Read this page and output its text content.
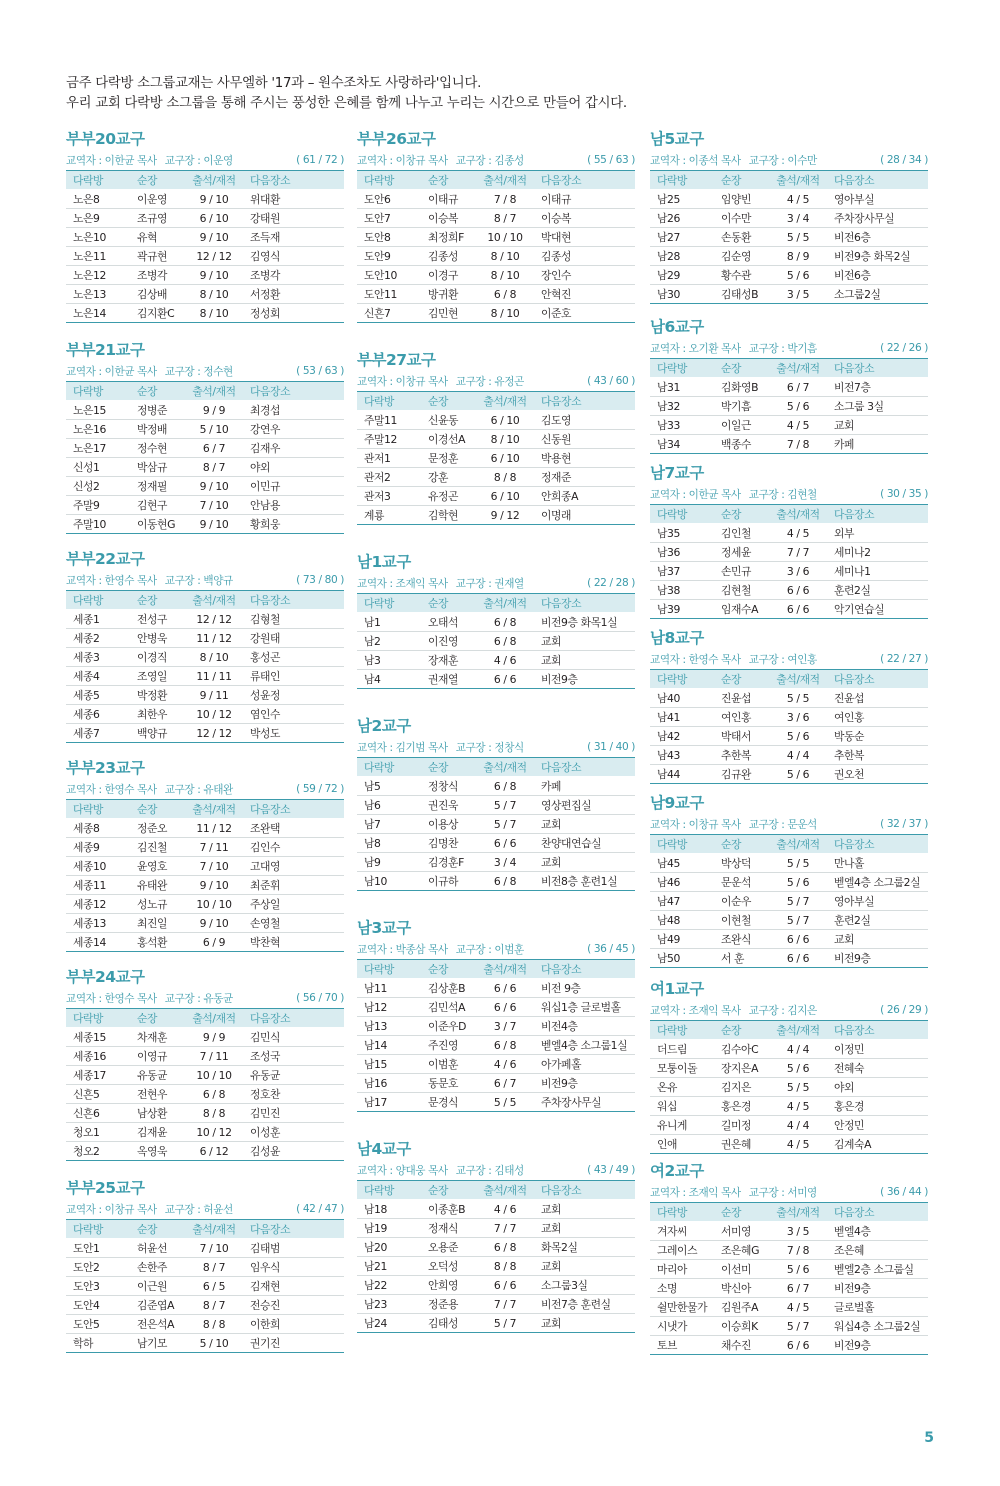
금주 다락방 소그룹교재는 사무엘하 '17과 – 원수조차도 사랑하라'입니다.
우리 교회 다락방 소그룹을 통해 주시는 풍성한 은혜를 함께 나누고 누리는 시간으로 만들어 갑시다.
부부20교구
교역자 : 이한균 목사 교구장 : 이운영	( 61 / 72 )
다락방	순장	출석/재적	다음장소
노은8	이운영	9 / 10	위대환
노은9	조규영	6 / 10	강태원
노은10	유혁	9 / 10	조득재
노은11	곽규현	12 / 12	김영식
노은12	조병각	9 / 10	조병각
노은13	김상배	8 / 10	서정환
노은14	김지환C	8 / 10	정성회
부부21교구
교역자 : 이한균 목사 교구장 : 정수현	( 53 / 63 )
다락방	순장	출석/재적	다음장소
노은15	정병준	9 / 9	최경섭
노은16	박정배	5 / 10	강연우
노은17	정수현	6 / 7	김재우
신성1	박삼규	8 / 7	야외
신성2	정재필	9 / 10	이민규
주말9	김현구	7 / 10	안남용
주말10	이동현G	9 / 10	황희웅
부부22교구
교역자 : 한영수 목사 교구장 : 백양규	( 73 / 80 )
다락방	순장	출석/재적	다음장소
세종1	전성구	12 / 12	김형철
세종2	안병욱	11 / 12	강원태
세종3	이경직	8 / 10	홍성곤
세종4	조영일	11 / 11	류태인
세종5	박정환	9 / 11	성윤정
세종6	최한우	10 / 12	염인수
세종7	백양규	12 / 12	박성도
부부23교구
교역자 : 한영수 목사 교구장 : 유태완	( 59 / 72 )
다락방	순장	출석/재적	다음장소
세종8	정준오	11 / 12	조완택
세종9	김진철	7 / 11	김인수
세종10	윤영호	7 / 10	고대영
세종11	유태완	9 / 10	최준휘
세종12	성노규	10 / 10	주상일
세종13	최진일	9 / 10	손영철
세종14	홍석환	6 / 9	박찬혁
부부24교구
교역자 : 한영수 목사 교구장 : 유동균	( 56 / 70 )
다락방	순장	출석/재적	다음장소
세종15	차재훈	9 / 9	김민식
세종16	이영규	7 / 11	조성국
세종17	유동균	10 / 10	유동균
신흔5	전현우	6 / 8	정호찬
신흔6	남상환	8 / 8	김민진
청오1	김재윤	10 / 12	이성훈
청오2	옥영욱	6 / 12	김성윤
부부25교구
교역자 : 이창규 목사 교구장 : 허윤선	( 42 / 47 )
다락방	순장	출석/재적	다음장소
도안1	허윤선	7 / 10	김태범
도안2	손한주	8 / 7	임우식
도안3	이근원	6 / 5	김재현
도안4	김준엽A	8 / 7	전승진
도안5	전은석A	8 / 8	이한희
학하	남기모	5 / 10	권기진
부부26교구
교역자 : 이창규 목사 교구장 : 김종성	( 55 / 63 )
다락방	순장	출석/재적	다음장소
도안6	이태규	7 / 8	이태규
도안7	이승복	8 / 7	이승복
도안8	최정희F	10 / 10	박대현
도안9	김종성	8 / 10	김종성
도안10	이경구	8 / 10	장인수
도안11	방귀환	6 / 8	안혁진
신흔7	김민현	8 / 10	이준호
부부27교구
교역자 : 이창규 목사 교구장 : 유정곤	( 43 / 60 )
다락방	순장	출석/재적	다음장소
주말11	신윤동	6 / 10	김도영
주말12	이경선A	8 / 10	신동원
관저1	문정훈	6 / 10	박용현
관저2	강훈	8 / 8	정재준
관저3	유정곤	6 / 10	안희종A
계룡	김학현	9 / 12	이명래
남1교구
교역자 : 조재익 목사 교구장 : 권재열	( 22 / 28 )
다락방	순장	출석/재적	다음장소
남1	오태석	6 / 8	비전9층 화목1실
남2	이진영	6 / 8	교회
남3	장재훈	4 / 6	교회
남4	권재열	6 / 6	비전9층
남2교구
교역자 : 김기범 목사 교구장 : 정창식	( 31 / 40 )
다락방	순장	출석/재적	다음장소
남5	정창식	6 / 8	카페
남6	권진욱	5 / 7	영상편집실
남7	이용상	5 / 7	교회
남8	김명찬	6 / 6	찬양대연습실
남9	김경훈F	3 / 4	교회
남10	이규하	6 / 8	비전8층 훈련1실
남3교구
교역자 : 박종삼 목사 교구장 : 이범훈	( 36 / 45 )
다락방	순장	출석/재적	다음장소
남11	김상훈B	6 / 6	비전 9층
남12	김민석A	6 / 6	워십1층 글로벌홀
남13	이준우D	3 / 7	비전4층
남14	주진영	6 / 8	벧엘4층 소그룹1실
남15	이범훈	4 / 6	아가페홀
남16	동문호	6 / 7	비전9층
남17	문경식	5 / 5	주차장사무실
남4교구
교역자 : 양대웅 목사 교구장 : 김태성	( 43 / 49 )
다락방	순장	출석/재적	다음장소
남18	이종훈B	4 / 6	교회
남19	정재식	7 / 7	교회
남20	오용준	6 / 8	화목2실
남21	오덕성	8 / 8	교회
남22	안희영	6 / 6	소그룹3실
남23	정준용	7 / 7	비전7층 훈련실
남24	김태성	5 / 7	교회
남5교구
교역자 : 이종석 목사 교구장 : 이수만	( 28 / 34 )
다락방	순장	출석/재적	다음장소
남25	임양빈	4 / 5	영아부실
남26	이수만	3 / 4	주차장사무실
남27	손동환	5 / 5	비전6층
남28	김순영	8 / 9	비전9층 화목2실
남29	황수관	5 / 6	비전6층
남30	김태성B	3 / 5	소그룹2실
남6교구
교역자 : 오기환 목사 교구장 : 박기흠	( 22 / 26 )
다락방	순장	출석/재적	다음장소
남31	김화영B	6 / 7	비전7층
남32	박기흠	5 / 6	소그룹 3실
남33	이일근	4 / 5	교회
남34	백종수	7 / 8	카페
남7교구
교역자 : 이한균 목사 교구장 : 김현철	( 30 / 35 )
다락방	순장	출석/재적	다음장소
남35	김인철	4 / 5	외부
남36	정세윤	7 / 7	세미나2
남37	손민규	3 / 6	세미나1
남38	김현철	6 / 6	훈련2실
남39	임재수A	6 / 6	악기연습실
남8교구
교역자 : 한영수 목사 교구장 : 여인홍	( 22 / 27 )
다락방	순장	출석/재적	다음장소
남40	진윤섭	5 / 5	진윤섭
남41	여인홍	3 / 6	여인홍
남42	박태서	5 / 6	박동순
남43	추한복	4 / 4	추한복
남44	김규완	5 / 6	권오천
남9교구
교역자 : 이창규 목사 교구장 : 문운석	( 32 / 37 )
다락방	순장	출석/재적	다음장소
남45	박상덕	5 / 5	만나홀
남46	문운석	5 / 6	벧엘4층 소그룹2실
남47	이순우	5 / 7	영아부실
남48	이현철	5 / 7	훈련2실
남49	조완식	6 / 6	교회
남50	서 훈	6 / 6	비전9층
여1교구
교역자 : 조재익 목사 교구장 : 김지은	( 26 / 29 )
다락방	순장	출석/재적	다음장소
더드림	김수아C	4 / 4	이정민
모퉁이돌	장지은A	5 / 6	전혜숙
온유	김지은	5 / 5	야외
워십	홍은경	4 / 5	홍은경
유니게	길미정	4 / 4	안정민
인애	권은혜	4 / 5	김계숙A
여2교구
교역자 : 조재익 목사 교구장 : 서미영	( 36 / 44 )
다락방	순장	출석/재적	다음장소
겨자씨	서미영	3 / 5	벧엘4층
그레이스	조은혜G	7 / 8	조은혜
마리아	이선미	5 / 6	벧엘2층 소그룹실
소명	박신아	6 / 7	비전9층
쉴만한물가	김원주A	4 / 5	글로벌홀
시냇가	이승희K	5 / 7	워십4층 소그룹2실
토브	채수진	6 / 6	비전9층
5
